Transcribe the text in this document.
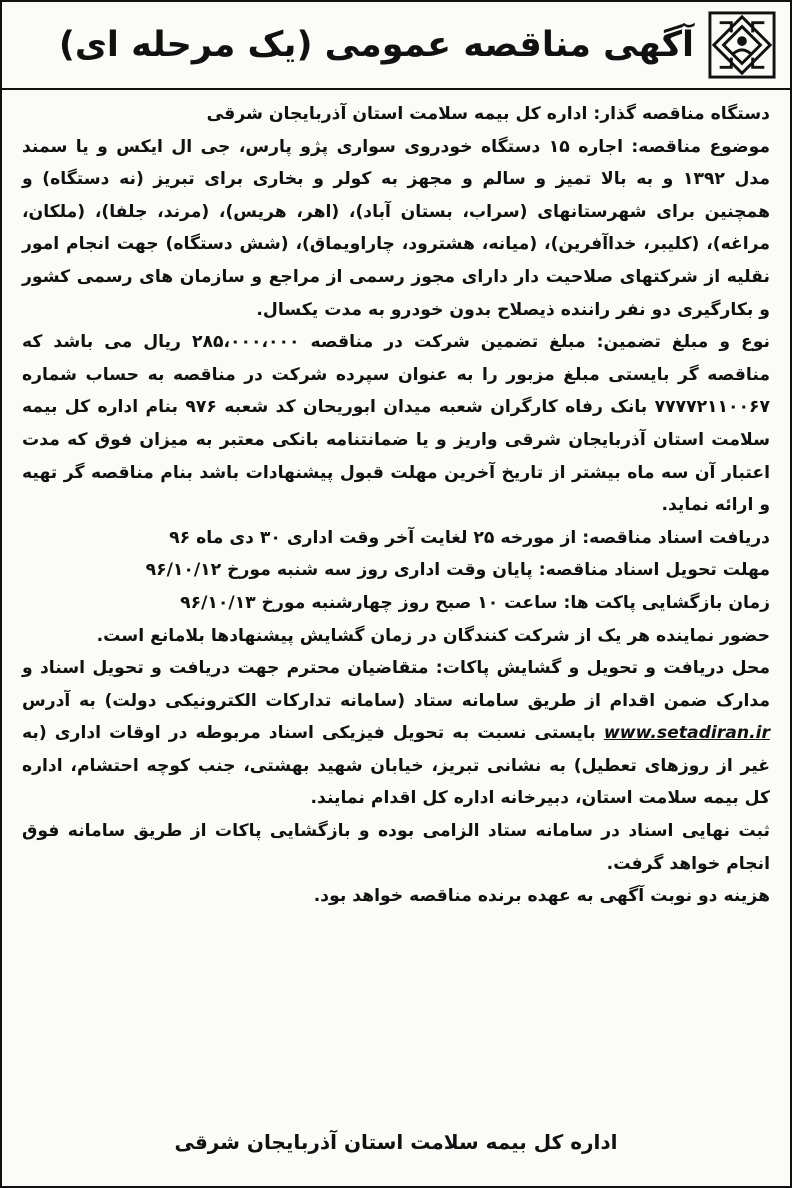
آگهی مناقصه عمومی (یک مرحله ای)

دستگاه مناقصه گذار: اداره کل بیمه سلامت استان آذربایجان شرقی

موضوع مناقصه: اجاره ۱۵ دستگاه خودروی سواری پژو پارس، جی ال ایکس و یا سمند مدل ۱۳۹۲ و به بالا تمیز و سالم و مجهز به کولر و بخاری برای تبریز (نه دستگاه) و همچنین برای شهرستانهای (سراب، بستان آباد)، (اهر، هریس)، (مرند، جلفا)، (ملکان، مراغه)، (کلیبر، خداآفرین)، (میانه، هشترود، چاراویماق)، (شش دستگاه) جهت انجام امور نقلیه از شرکتهای صلاحیت دار دارای مجوز رسمی از مراجع و سازمان های رسمی کشور و بکارگیری دو نفر راننده ذیصلاح بدون خودرو به مدت یکسال.

نوع و مبلغ تضمین: مبلغ تضمین شرکت در مناقصه ۲۸۵،۰۰۰،۰۰۰ ریال می باشد که مناقصه گر بایستی مبلغ مزبور را به عنوان سپرده شرکت در مناقصه به حساب شماره ۷۷۷۷۲۱۱۰۰۶۷ بانک رفاه کارگران شعبه میدان ابوریحان کد شعبه ۹۷۶ بنام اداره کل بیمه سلامت استان آذربایجان شرقی واریز و یا ضمانتنامه بانکی معتبر به میزان فوق که مدت اعتبار آن سه ماه بیشتر از تاریخ آخرین مهلت قبول پیشنهادات باشد بنام مناقصه گر تهیه و ارائه نماید.

دریافت اسناد مناقصه: از مورخه ۲۵ لغایت آخر وقت اداری ۳۰ دی ماه ۹۶

مهلت تحویل اسناد مناقصه: پایان وقت اداری روز سه شنبه مورخ ۹۶/۱۰/۱۲

زمان بازگشایی پاکت ها: ساعت ۱۰ صبح روز چهارشنبه مورخ ۹۶/۱۰/۱۳

حضور نماینده هر یک از شرکت کنندگان در زمان گشایش پیشنهادها بلامانع است.

محل دریافت و تحویل و گشایش پاکات: متقاضیان محترم جهت دریافت و تحویل اسناد و مدارک ضمن اقدام از طریق سامانه ستاد (سامانه تدارکات الکترونیکی دولت) به آدرس www.setadiran.ir بایستی نسبت به تحویل فیزیکی اسناد مربوطه در اوقات اداری (به غیر از روزهای تعطیل) به نشانی تبریز، خیابان شهید بهشتی، جنب کوچه احتشام، اداره کل بیمه سلامت استان، دبیرخانه اداره کل اقدام نمایند.

ثبت نهایی اسناد در سامانه ستاد الزامی بوده و بازگشایی پاکات از طریق سامانه فوق انجام خواهد گرفت.

هزینه دو نوبت آگهی به عهده برنده مناقصه خواهد بود.

اداره کل بیمه سلامت استان آذربایجان شرقی
